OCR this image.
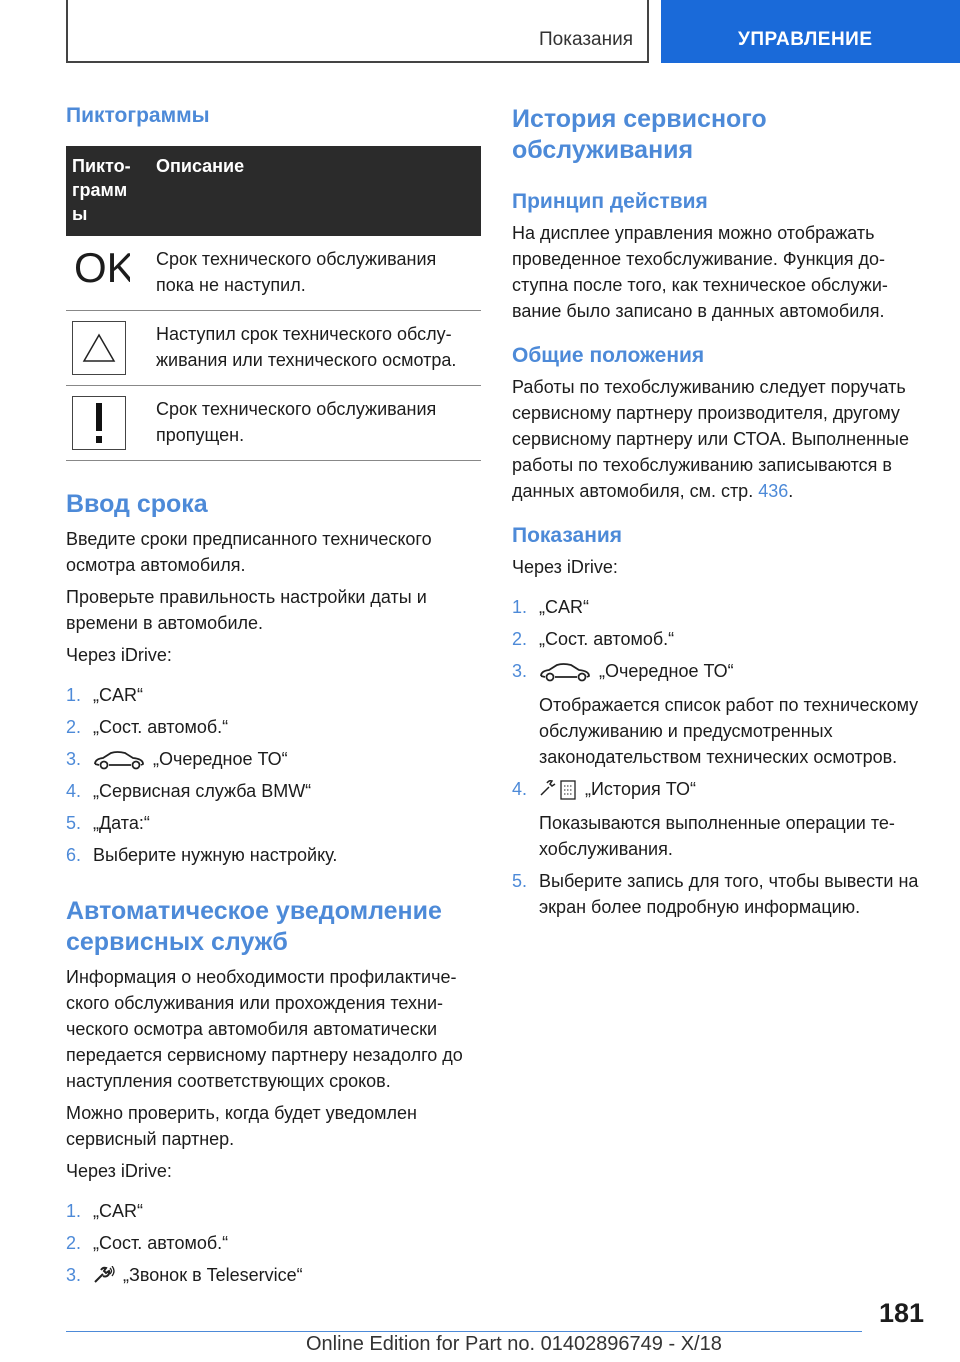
Показания	УПРАВЛЕНИЕ
Пиктограммы
Пикто-
грамм
ы	Описание

OK	Срок технического обслуживания пока не наступил.

	Наступил срок технического обслуживания или технического осмотра.

	Срок технического обслуживания пропущен.
Ввод срока

Введите сроки предписанного технического осмотра автомобиля.

Проверьте правильность настройки даты и времени в автомобиле.

Через iDrive:

1. „CAR“
2. „Сост. автомоб.“
3.	„Очередное ТО“
4. „Сервисная служба BMW“
5. „Дата:“
6. Выберите нужную настройку.
Автоматическое уведомление сервисных служб

Информация о необходимости профилактического обслуживания или прохождения технического осмотра автомобиля автоматически передается сервисному партнеру незадолго до наступления соответствующих сроков.

Можно проверить, когда будет уведомлен сервисный партнер.

Через iDrive:

1. „CAR“
2. „Сост. автомоб.“
3. „Звонок в Teleservice“
История сервисного обслуживания
Принцип действия

На дисплее управления можно отображать проведенное техобслуживание. Функция доступна после того, как техническое обслуживание было записано в данных автомобиля.

Общие положения

Работы по техобслуживанию следует поручать сервисному партнеру производителя, другому сервисному партнеру или СТОА. Выполненные работы по техобслуживанию записываются в данных автомобиля, см. стр. 436.

Показания

Через iDrive:

1. „CAR“
2. „Сост. автомоб.“
3.	„Очередное ТО“
Отображается список работ по техническому обслуживанию и предусмотренных законодательством технических осмотров.
4.	„История ТО“
Показываются выполненные операции техобслуживания.
5. Выберите запись для того, чтобы вывести на экран более подробную информацию.
181
Online Edition for Part no. 01402896749 - X/18
